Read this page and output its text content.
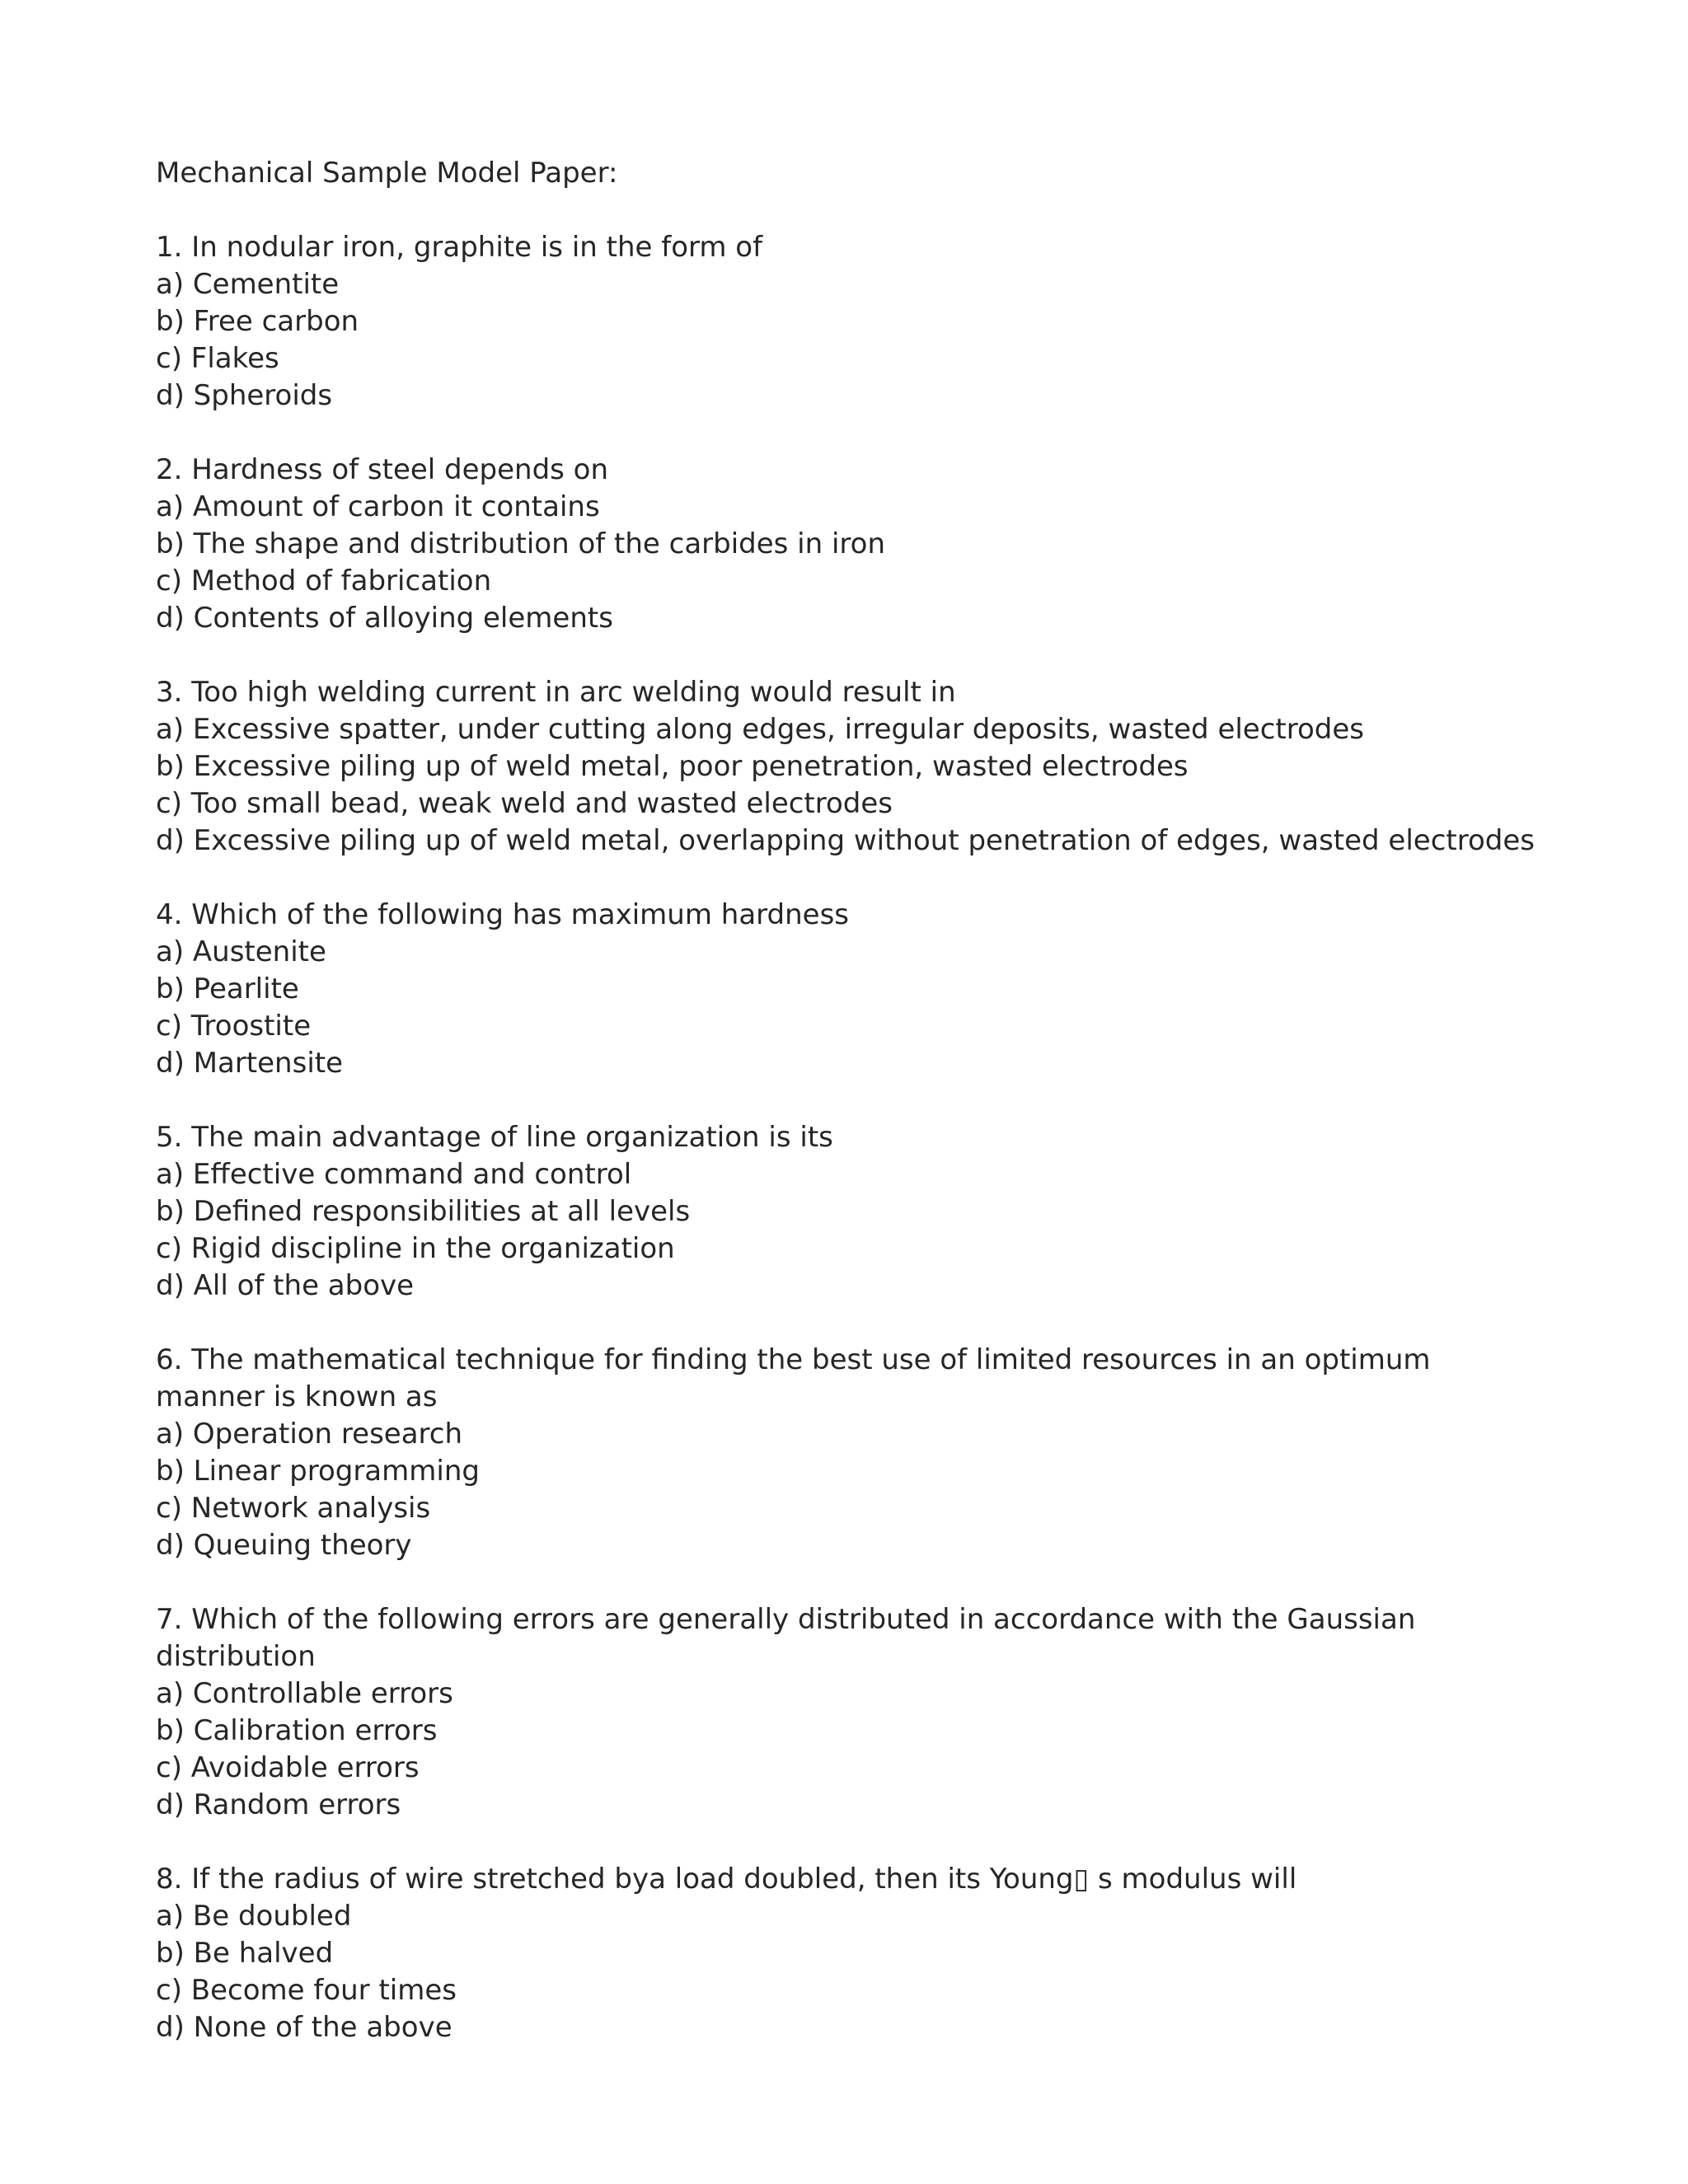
Mechanical Sample Model Paper:
1. In nodular iron, graphite is in the form of
a) Cementite
b) Free carbon
c) Flakes
d) Spheroids
2. Hardness of steel depends on
a) Amount of carbon it contains
b) The shape and distribution of the carbides in iron
c) Method of fabrication
d) Contents of alloying elements
3. Too high welding current in arc welding would result in
a) Excessive spatter, under cutting along edges, irregular deposits, wasted electrodes
b) Excessive piling up of weld metal, poor penetration, wasted electrodes
c) Too small bead, weak weld and wasted electrodes
d) Excessive piling up of weld metal, overlapping without penetration of edges, wasted electrodes
4. Which of the following has maximum hardness
a) Austenite
b) Pearlite
c) Troostite
d) Martensite
5. The main advantage of line organization is its
a) Effective command and control
b) Defined responsibilities at all levels
c) Rigid discipline in the organization
d) All of the above
6. The mathematical technique for finding the best use of limited resources in an optimum manner is known as
a) Operation research
b) Linear programming
c) Network analysis
d) Queuing theory
7. Which of the following errors are generally distributed in accordance with the Gaussian distribution
a) Controllable errors
b) Calibration errors
c) Avoidable errors
d) Random errors
8. If the radius of wire stretched bya load doubled, then its Young▯ s modulus will
a) Be doubled
b) Be halved
c) Become four times
d) None of the above
